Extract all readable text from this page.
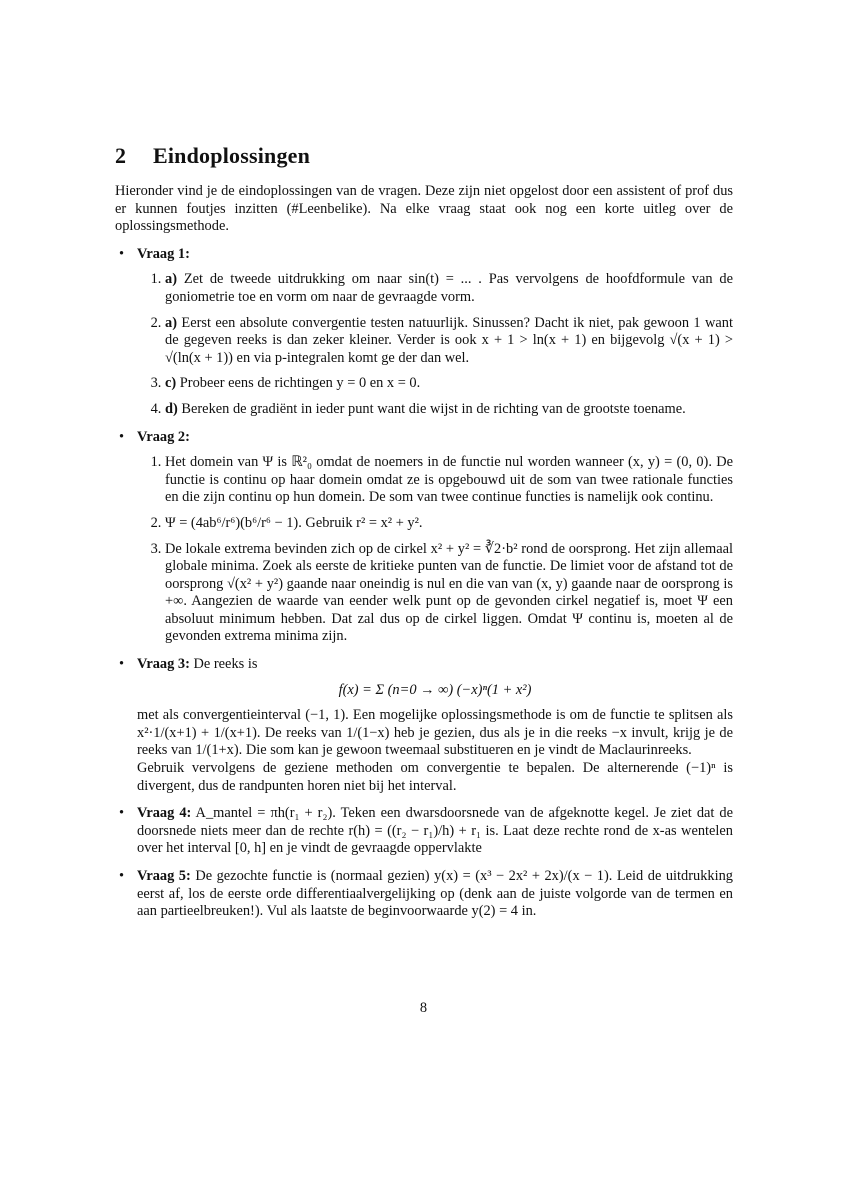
2 Eindoplossingen

Hieronder vind je de eindoplossingen van de vragen. Deze zijn niet opgelost door een assistent of prof dus er kunnen foutjes inzitten (#Leenbelike). Na elke vraag staat ook nog een korte uitleg over de oplossingsmethode.

• Vraag 1:
1. a) Zet de tweede uitdrukking om naar sin(t) = ... . Pas vervolgens de hoofdformule van de goniometrie toe en vorm om naar de gevraagde vorm.
2. a) Eerst een absolute convergentie testen natuurlijk. Sinussen? Dacht ik niet, pak gewoon 1 want de gegeven reeks is dan zeker kleiner. Verder is ook x + 1 > ln(x + 1) en bijgevolg √(x + 1) > √(ln(x + 1)) en via p-integralen komt ge der dan wel.
3. c) Probeer eens de richtingen y = 0 en x = 0.
4. d) Bereken de gradiënt in ieder punt want die wijst in de richting van de grootste toename.
• Vraag 2:
1. Het domein van Ψ is ℝ²₀ omdat de noemers in de functie nul worden wanneer (x, y) = (0, 0). De functie is continu op haar domein omdat ze is opgebouwd uit de som van twee rationale functies en die zijn continu op hun domein. De som van twee continue functies is namelijk ook continu.
2. Ψ = (4ab⁶/r⁶)(b⁶/r⁶ − 1). Gebruik r² = x² + y².
3. De lokale extrema bevinden zich op de cirkel x² + y² = ∛2·b² rond de oorsprong. Het zijn allemaal globale minima. Zoek als eerste de kritieke punten van de functie. De limiet voor de afstand tot de oorsprong √(x² + y²) gaande naar oneindig is nul en die van van (x, y) gaande naar de oorsprong is +∞. Aangezien de waarde van eender welk punt op de gevonden cirkel negatief is, moet Ψ een absoluut minimum hebben. Dat zal dus op de cirkel liggen. Omdat Ψ continu is, moeten al de gevonden extrema minima zijn.
• Vraag 3: De reeks is
f(x) = Σ (n=0 → ∞) (−x)ⁿ(1 + x²)

met als convergentieinterval (−1, 1). Een mogelijke oplossingsmethode is om de functie te splitsen als x²·1/(x+1) + 1/(x+1). De reeks van 1/(1−x) heb je gezien, dus als je in die reeks −x invult, krijg je de reeks van 1/(1+x). Die som kan je gewoon tweemaal substitueren en je vindt de Maclaurinreeks.

Gebruik vervolgens de geziene methoden om convergentie te bepalen. De alternerende (−1)ⁿ is divergent, dus de randpunten horen niet bij het interval.

• Vraag 4: A_mantel = πh(r₁ + r₂). Teken een dwarsdoorsnede van de afgeknotte kegel. Je ziet dat de doorsnede niets meer dan de rechte r(h) = ((r₂ − r₁)/h) + r₁ is. Laat deze rechte rond de x-as wentelen over het interval [0, h] en je vindt de gevraagde oppervlakte

• Vraag 5: De gezochte functie is (normaal gezien) y(x) = (x³ − 2x² + 2x)/(x − 1). Leid de uitdrukking eerst af, los de eerste orde differentiaalvergelijking op (denk aan de juiste volgorde van de termen en aan partieelbreuken!). Vul als laatste de beginvoorwaarde y(2) = 4 in.

8
